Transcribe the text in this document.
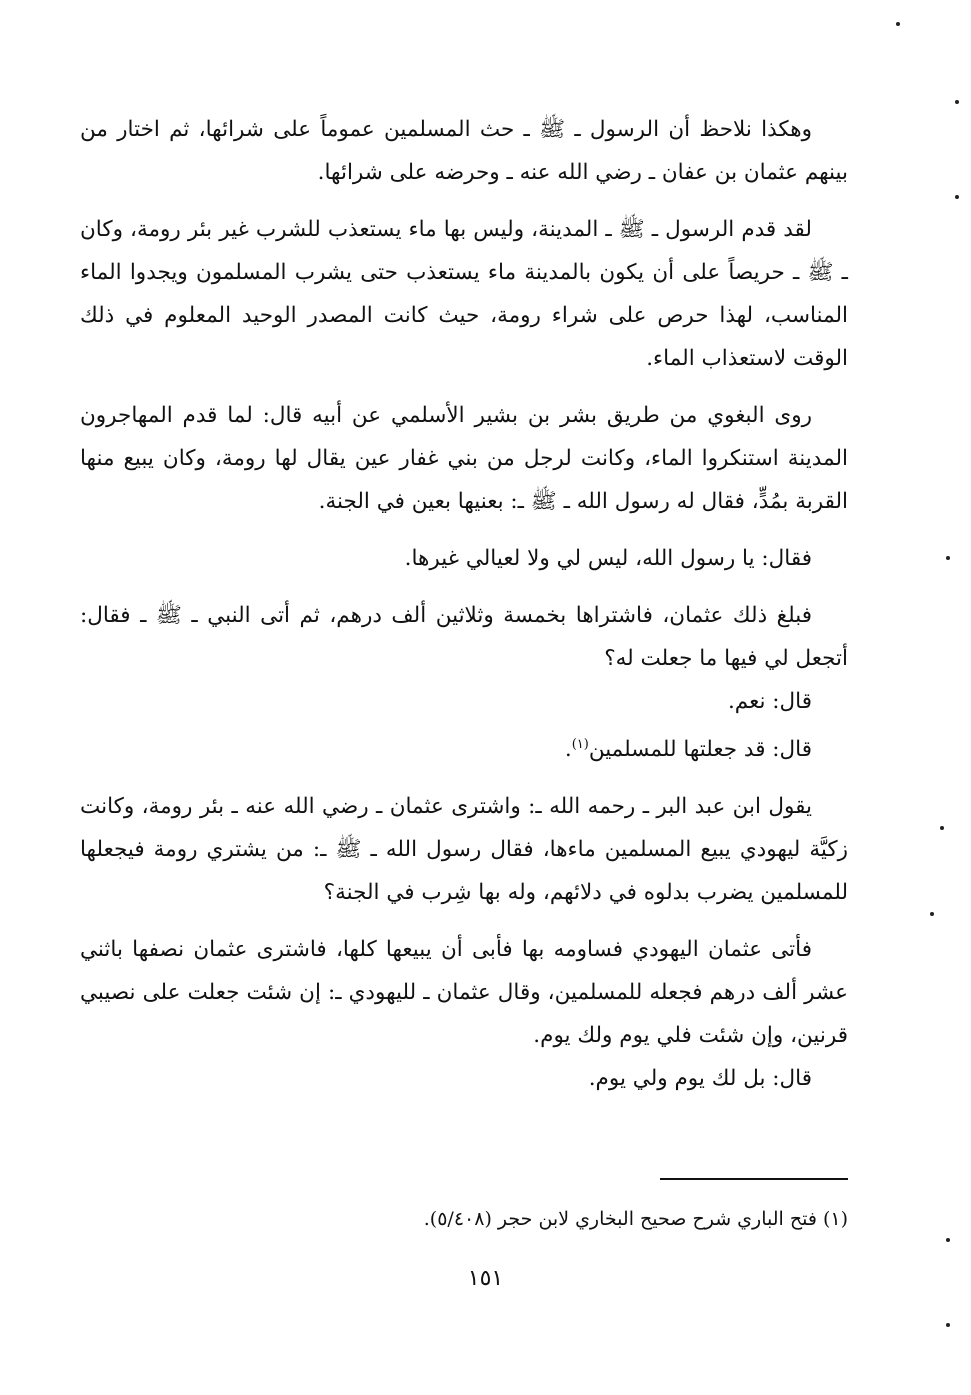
وهكذا نلاحظ أن الرسول ـ ﷺ ـ حث المسلمين عموماً على شرائها، ثم اختار من بينهم عثمان بن عفان ـ رضي الله عنه ـ وحرضه على شرائها.

لقد قدم الرسول ـ ﷺ ـ المدينة، وليس بها ماء يستعذب للشرب غير بئر رومة، وكان ـ ﷺ ـ حريصاً على أن يكون بالمدينة ماء يستعذب حتى يشرب المسلمون ويجدوا الماء المناسب، لهذا حرص على شراء رومة، حيث كانت المصدر الوحيد المعلوم في ذلك الوقت لاستعذاب الماء.

روى البغوي من طريق بشر بن بشير الأسلمي عن أبيه قال: لما قدم المهاجرون المدينة استنكروا الماء، وكانت لرجل من بني غفار عين يقال لها رومة، وكان يبيع منها القربة بمُدٍّ، فقال له رسول الله ـ ﷺ ـ: بعنيها بعين في الجنة.

فقال: يا رسول الله، ليس لي ولا لعيالي غيرها.

فبلغ ذلك عثمان، فاشتراها بخمسة وثلاثين ألف درهم، ثم أتى النبي ـ ﷺ ـ فقال: أتجعل لي فيها ما جعلت له؟

قال: نعم.

قال: قد جعلتها للمسلمين$^{(١)}$.

يقول ابن عبد البر ـ رحمه الله ـ: واشترى عثمان ـ رضي الله عنه ـ بئر رومة، وكانت زكيَّة ليهودي يبيع المسلمين ماءها، فقال رسول الله ـ ﷺ ـ: من يشتري رومة فيجعلها للمسلمين يضرب بدلوه في دلائهم، وله بها شِرب في الجنة؟

فأتى عثمان اليهودي فساومه بها فأبى أن يبيعها كلها، فاشترى عثمان نصفها باثني عشر ألف درهم فجعله للمسلمين، وقال عثمان ـ لليهودي ـ: إن شئت جعلت على نصيبي قرنين، وإن شئت فلي يوم ولك يوم.

قال: بل لك يوم ولي يوم.

(١) فتح الباري شرح صحيح البخاري لابن حجر (٥/٤٠٨).
١٥١
